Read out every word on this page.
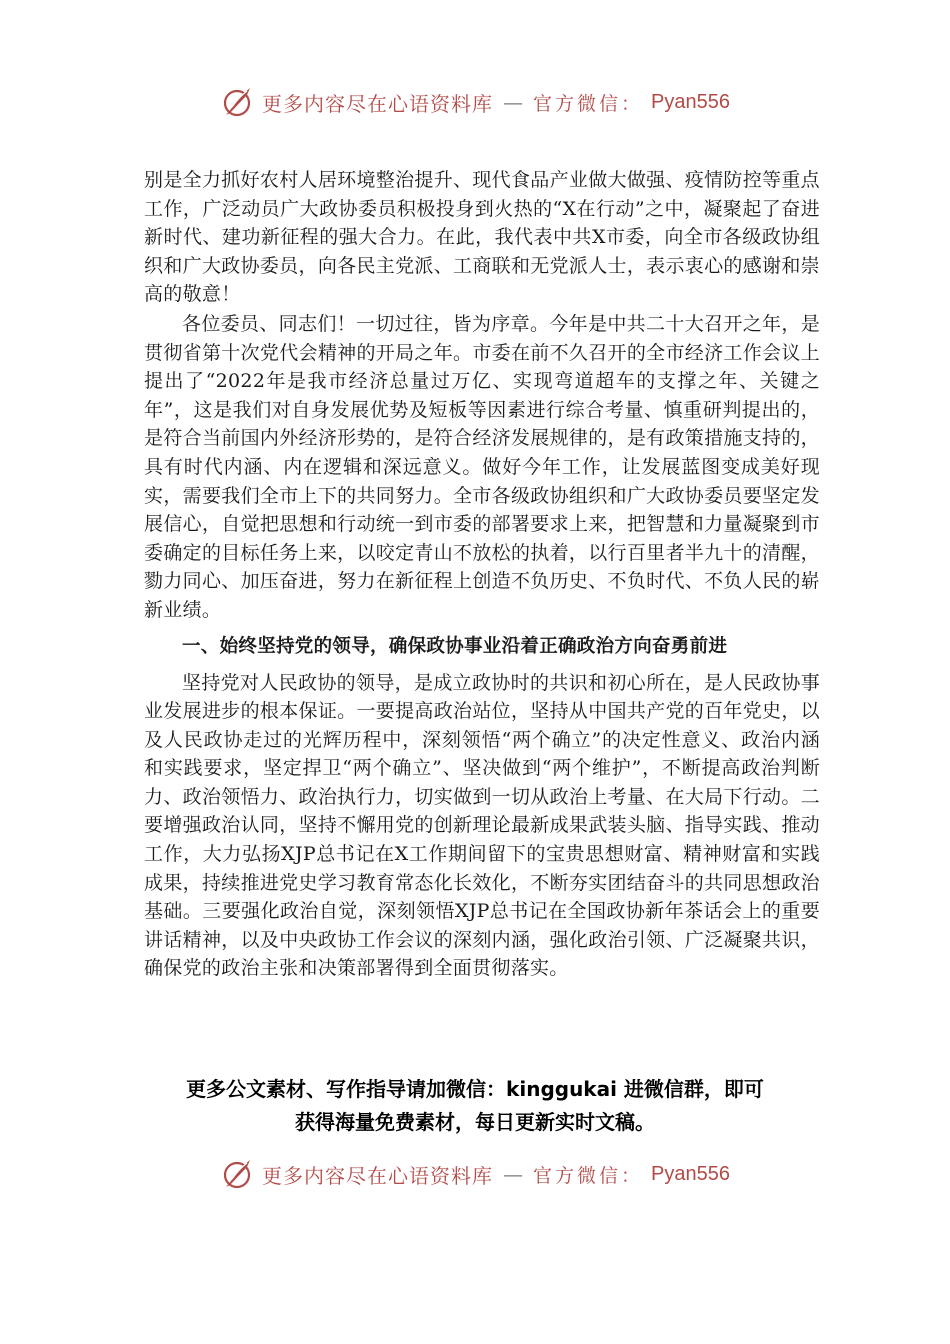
更多内容尽在心语资料库 — 官方微信： Pyan556

别是全力抓好农村人居环境整治提升、现代食品产业做大做强、疫情防控等重点工作，广泛动员广大政协委员积极投身到火热的“X在行动”之中，凝聚起了奋进新时代、建功新征程的强大合力。在此，我代表中共X市委，向全市各级政协组织和广大政协委员，向各民主党派、工商联和无党派人士，表示衷心的感谢和崇高的敬意！

各位委员、同志们！一切过往，皆为序章。今年是中共二十大召开之年，是贯彻省第十次党代会精神的开局之年。市委在前不久召开的全市经济工作会议上提出了“2022年是我市经济总量过万亿、实现弯道超车的支撑之年、关键之年”，这是我们对自身发展优势及短板等因素进行综合考量、慎重研判提出的，是符合当前国内外经济形势的，是符合经济发展规律的，是有政策措施支持的，具有时代内涵、内在逻辑和深远意义。做好今年工作，让发展蓝图变成美好现实，需要我们全市上下的共同努力。全市各级政协组织和广大政协委员要坚定发展信心，自觉把思想和行动统一到市委的部署要求上来，把智慧和力量凝聚到市委确定的目标任务上来，以咬定青山不放松的执着，以行百里者半九十的清醒，勠力同心、加压奋进，努力在新征程上创造不负历史、不负时代、不负人民的崭新业绩。

一、始终坚持党的领导，确保政协事业沿着正确政治方向奋勇前进

坚持党对人民政协的领导，是成立政协时的共识和初心所在，是人民政协事业发展进步的根本保证。一要提高政治站位，坚持从中国共产党的百年党史，以及人民政协走过的光辉历程中，深刻领悟“两个确立”的决定性意义、政治内涵和实践要求，坚定捍卫“两个确立”、坚决做到“两个维护”，不断提高政治判断力、政治领悟力、政治执行力，切实做到一切从政治上考量、在大局下行动。二要增强政治认同，坚持不懈用党的创新理论最新成果武装头脑、指导实践、推动工作，大力弘扬XJP总书记在X工作期间留下的宝贵思想财富、精神财富和实践成果，持续推进党史学习教育常态化长效化，不断夯实团结奋斗的共同思想政治基础。三要强化政治自觉，深刻领悟XJP总书记在全国政协新年茶话会上的重要讲话精神，以及中央政协工作会议的深刻内涵，强化政治引领、广泛凝聚共识，确保党的政治主张和决策部署得到全面贯彻落实。

更多公文素材、写作指导请加微信：kinggukai 进微信群，即可
获得海量免费素材，每日更新实时文稿。
更多内容尽在心语资料库 — 官方微信： Pyan556
